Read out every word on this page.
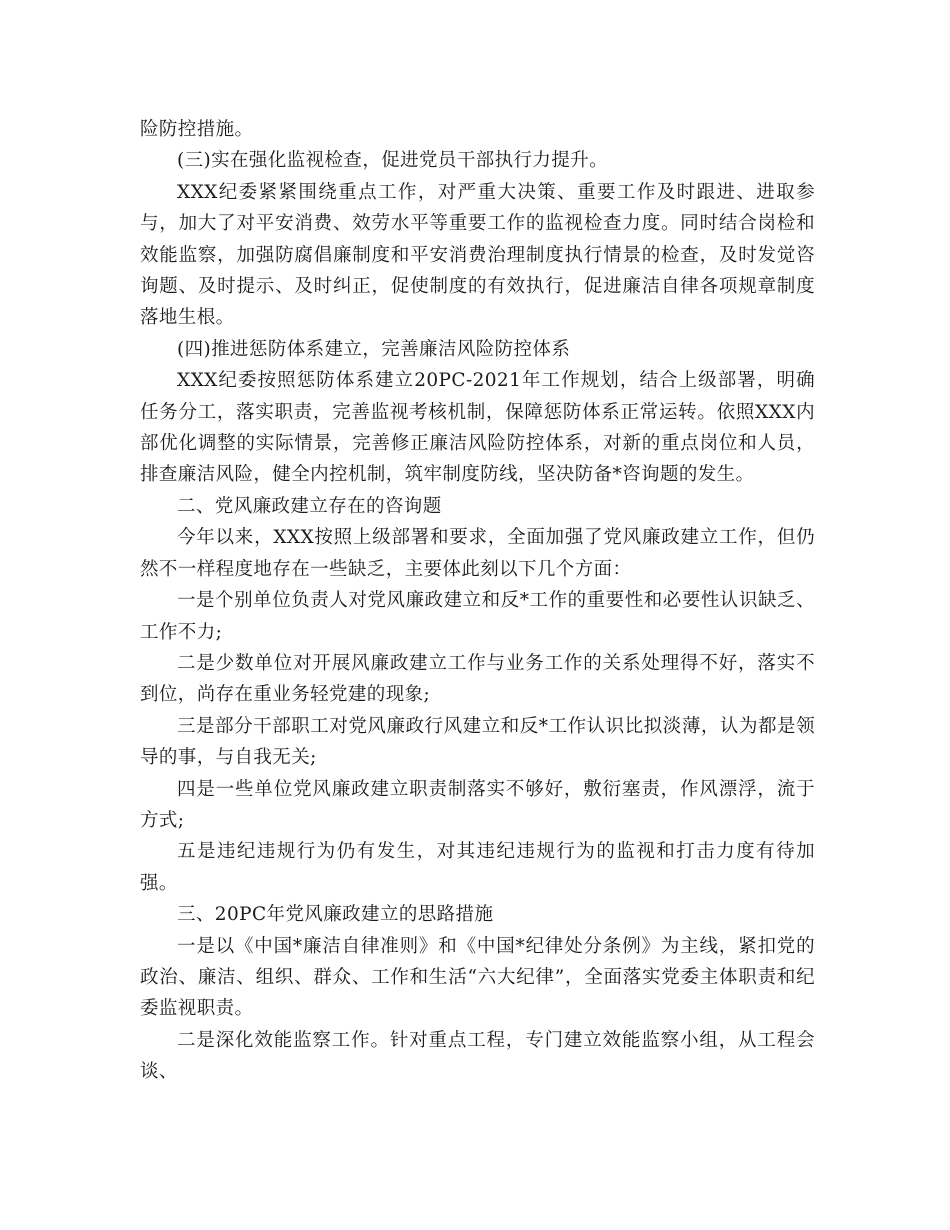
险防控措施。

(三)实在强化监视检查，促进党员干部执行力提升。

XXX纪委紧紧围绕重点工作，对严重大决策、重要工作及时跟进、进取参与，加大了对平安消费、效劳水平等重要工作的监视检查力度。同时结合岗检和效能监察，加强防腐倡廉制度和平安消费治理制度执行情景的检查，及时发觉咨询题、及时提示、及时纠正，促使制度的有效执行，促进廉洁自律各项规章制度落地生根。

(四)推进惩防体系建立，完善廉洁风险防控体系

XXX纪委按照惩防体系建立20PC-2021年工作规划，结合上级部署，明确任务分工，落实职责，完善监视考核机制，保障惩防体系正常运转。依照XXX内部优化调整的实际情景，完善修正廉洁风险防控体系，对新的重点岗位和人员，排查廉洁风险，健全内控机制，筑牢制度防线，坚决防备*咨询题的发生。

二、党风廉政建立存在的咨询题

今年以来，XXX按照上级部署和要求，全面加强了党风廉政建立工作，但仍然不一样程度地存在一些缺乏，主要体此刻以下几个方面：

一是个别单位负责人对党风廉政建立和反*工作的重要性和必要性认识缺乏、工作不力;

二是少数单位对开展风廉政建立工作与业务工作的关系处理得不好，落实不到位，尚存在重业务轻党建的现象;

三是部分干部职工对党风廉政行风建立和反*工作认识比拟淡薄，认为都是领导的事，与自我无关;

四是一些单位党风廉政建立职责制落实不够好，敷衍塞责，作风漂浮，流于方式;

五是违纪违规行为仍有发生，对其违纪违规行为的监视和打击力度有待加强。

三、20PC年党风廉政建立的思路措施

一是以《中国*廉洁自律准则》和《中国*纪律处分条例》为主线，紧扣党的政治、廉洁、组织、群众、工作和生活“六大纪律”，全面落实党委主体职责和纪委监视职责。

二是深化效能监察工作。针对重点工程，专门建立效能监察小组，从工程会谈、
